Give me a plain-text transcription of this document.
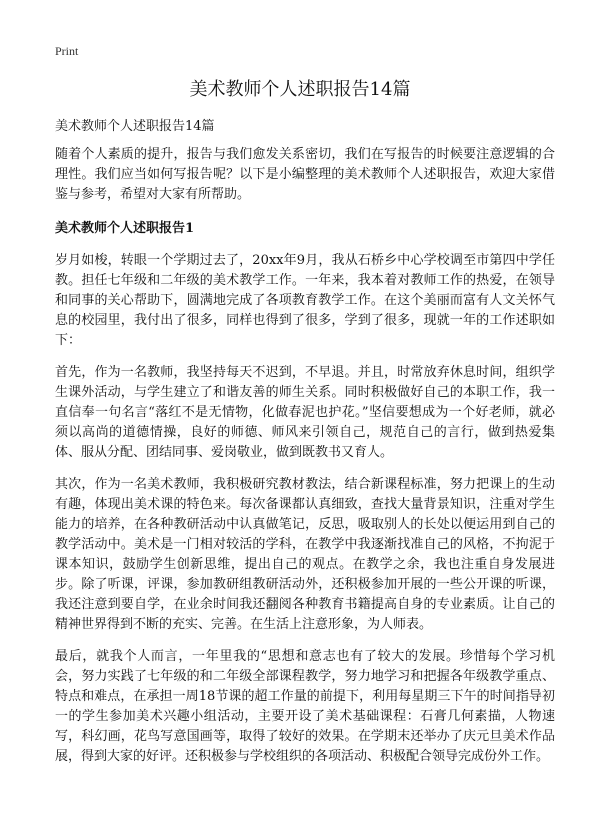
Print
美术教师个人述职报告14篇

美术教师个人述职报告14篇

随着个人素质的提升，报告与我们愈发关系密切，我们在写报告的时候要注意逻辑的合理性。我们应当如何写报告呢？以下是小编整理的美术教师个人述职报告，欢迎大家借鉴与参考，希望对大家有所帮助。

美术教师个人述职报告1

岁月如梭，转眼一个学期过去了，20xx年9月，我从石桥乡中心学校调至市第四中学任教。担任七年级和二年级的美术教学工作。一年来，我本着对教师工作的热爱，在领导和同事的关心帮助下，圆满地完成了各项教育教学工作。在这个美丽而富有人文关怀气息的校园里，我付出了很多，同样也得到了很多，学到了很多，现就一年的工作述职如下：

首先，作为一名教师，我坚持每天不迟到，不早退。并且，时常放弃休息时间，组织学生课外活动，与学生建立了和谐友善的师生关系。同时积极做好自己的本职工作，我一直信奉一句名言“落红不是无情物，化做春泥也护花。”坚信要想成为一个好老师，就必须以高尚的道德情操，良好的师德、师风来引领自己，规范自己的言行，做到热爱集体、服从分配、团结同事、爱岗敬业，做到既教书又育人。

其次，作为一名美术教师，我积极研究教材教法，结合新课程标准，努力把课上的生动有趣，体现出美术课的特色来。每次备课都认真细致，查找大量背景知识，注重对学生能力的培养，在各种教研活动中认真做笔记，反思，吸取别人的长处以便运用到自己的教学活动中。美术是一门相对较活的学科，在教学中我逐渐找准自己的风格，不拘泥于课本知识，鼓励学生创新思维，提出自己的观点。在教学之余，我也注重自身发展进步。除了听课，评课，参加教研组教研活动外，还积极参加开展的一些公开课的听课，我还注意到要自学，在业余时间我还翻阅各种教育书籍提高自身的专业素质。让自己的精神世界得到不断的充实、完善。在生活上注意形象，为人师表。

最后，就我个人而言，一年里我的“思想和意志也有了较大的发展。珍惜每个学习机会，努力实践了七年级的和二年级全部课程教学，努力地学习和把握各年级教学重点、特点和难点，在承担一周18节课的超工作量的前提下，利用每星期三下午的时间指导初一的学生参加美术兴趣小组活动，主要开设了美术基础课程：石膏几何素描，人物速写，科幻画，花鸟写意国画等，取得了较好的效果。在学期末还举办了庆元旦美术作品展，得到大家的好评。还积极参与学校组织的各项活动、积极配合领导完成份外工作。
